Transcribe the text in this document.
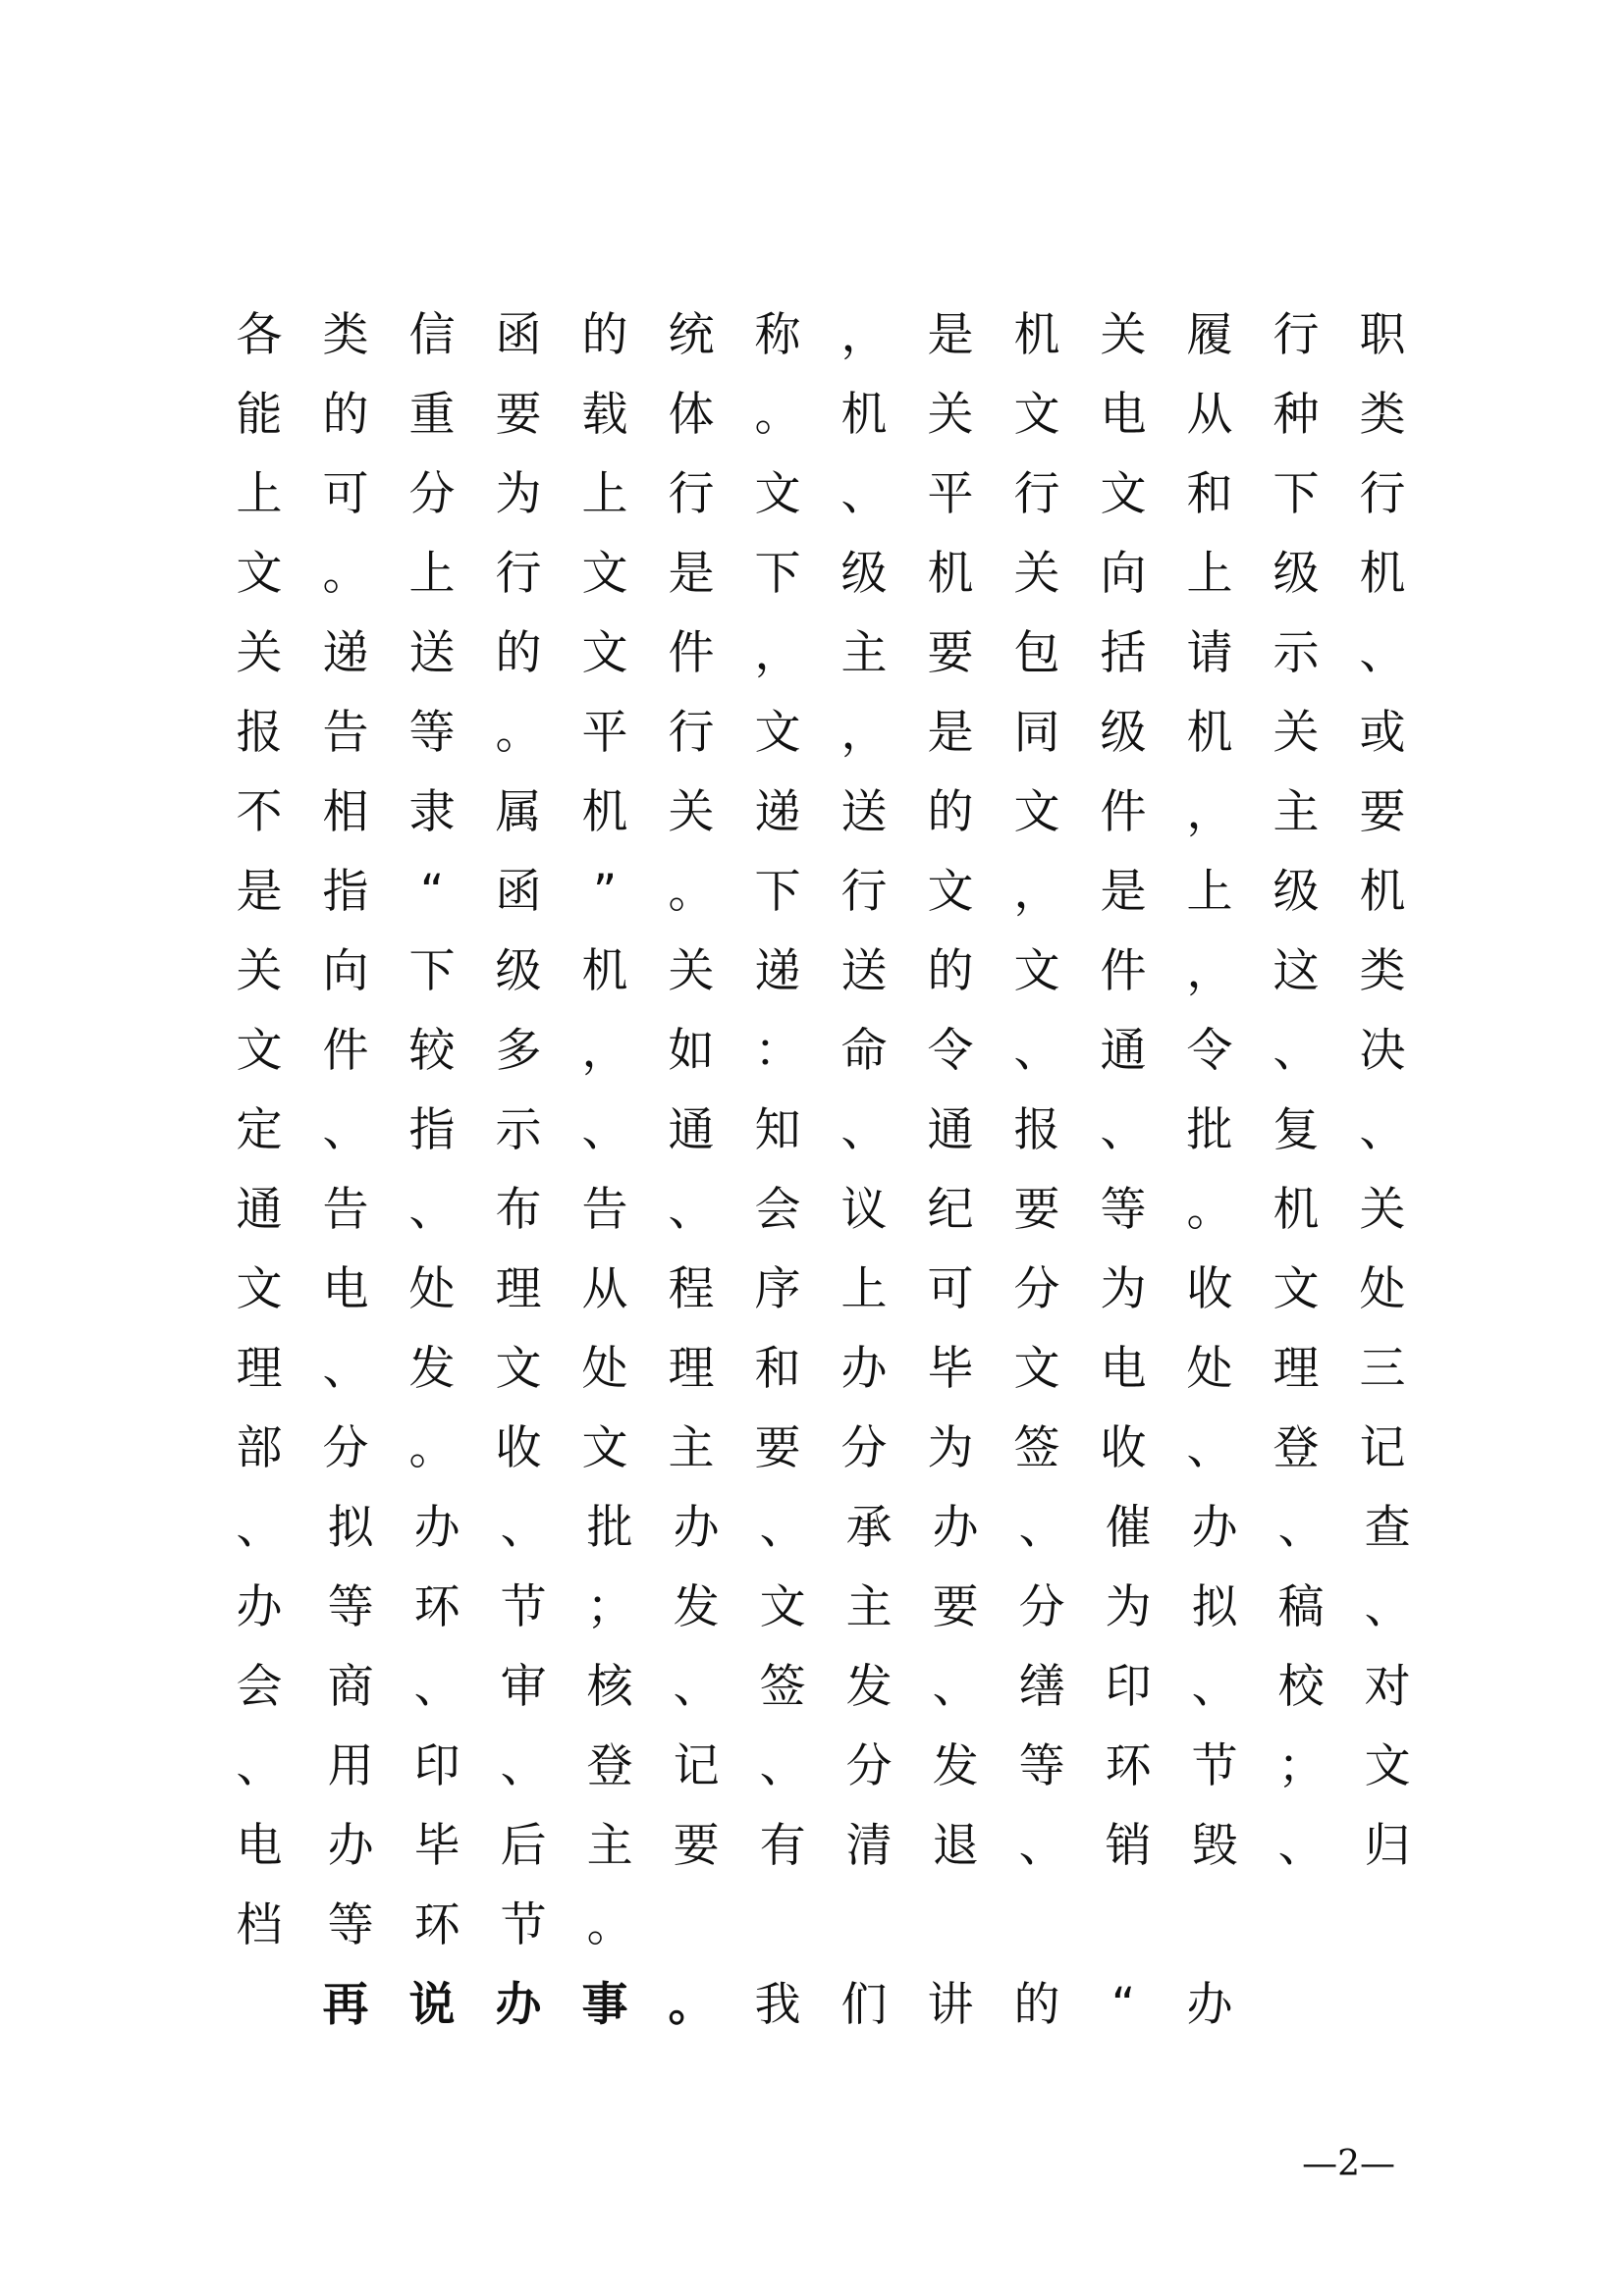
各 类 信 函 的 统 称 ， 是 机 关 履 行 职 能 的 重 要 载 体 。 机 关 文 电 从 种 类 上 可 分 为 上 行 文 、 平 行 文 和 下 行 文 。 上 行 文 是 下 级 机 关 向 上 级 机 关 递 送 的 文 件 ， 主 要 包 括 请 示 、 报 告 等 。 平 行 文 ， 是 同 级 机 关 或 不 相 隶 属 机 关 递 送 的 文 件 ， 主 要 是 指 “ 函 ” 。 下 行 文 ， 是 上 级 机 关 向 下 级 机 关 递 送 的 文 件 ， 这 类 文 件 较 多 ， 如 ： 命 令 、 通 令 、 决 定 、 指 示 、 通 知 、 通 报 、 批 复 、 通 告 、 布 告 、 会 议 纪 要 等 。 机 关 文 电 处 理 从 程 序 上 可 分 为 收 文 处 理 、 发 文 处 理 和 办 毕 文 电 处 理 三 部 分 。 收 文 主 要 分 为 签 收 、 登 记、 拟 办 、 批 办 、 承 办 、 催 办 、 查办 等 环 节 ； 发 文 主 要 分 为 拟 稿 、会 商 、 审 核 、 签 发 、 缮 印 、 校 对、 用 印 、 登 记 、 分 发 等 环 节 ； 文电 办 毕 后 主 要 有 清 退 、 销 毁 、 归档 等 环 节 。
再 说 办 事 。 我 们 讲 的	“	办
—2—
